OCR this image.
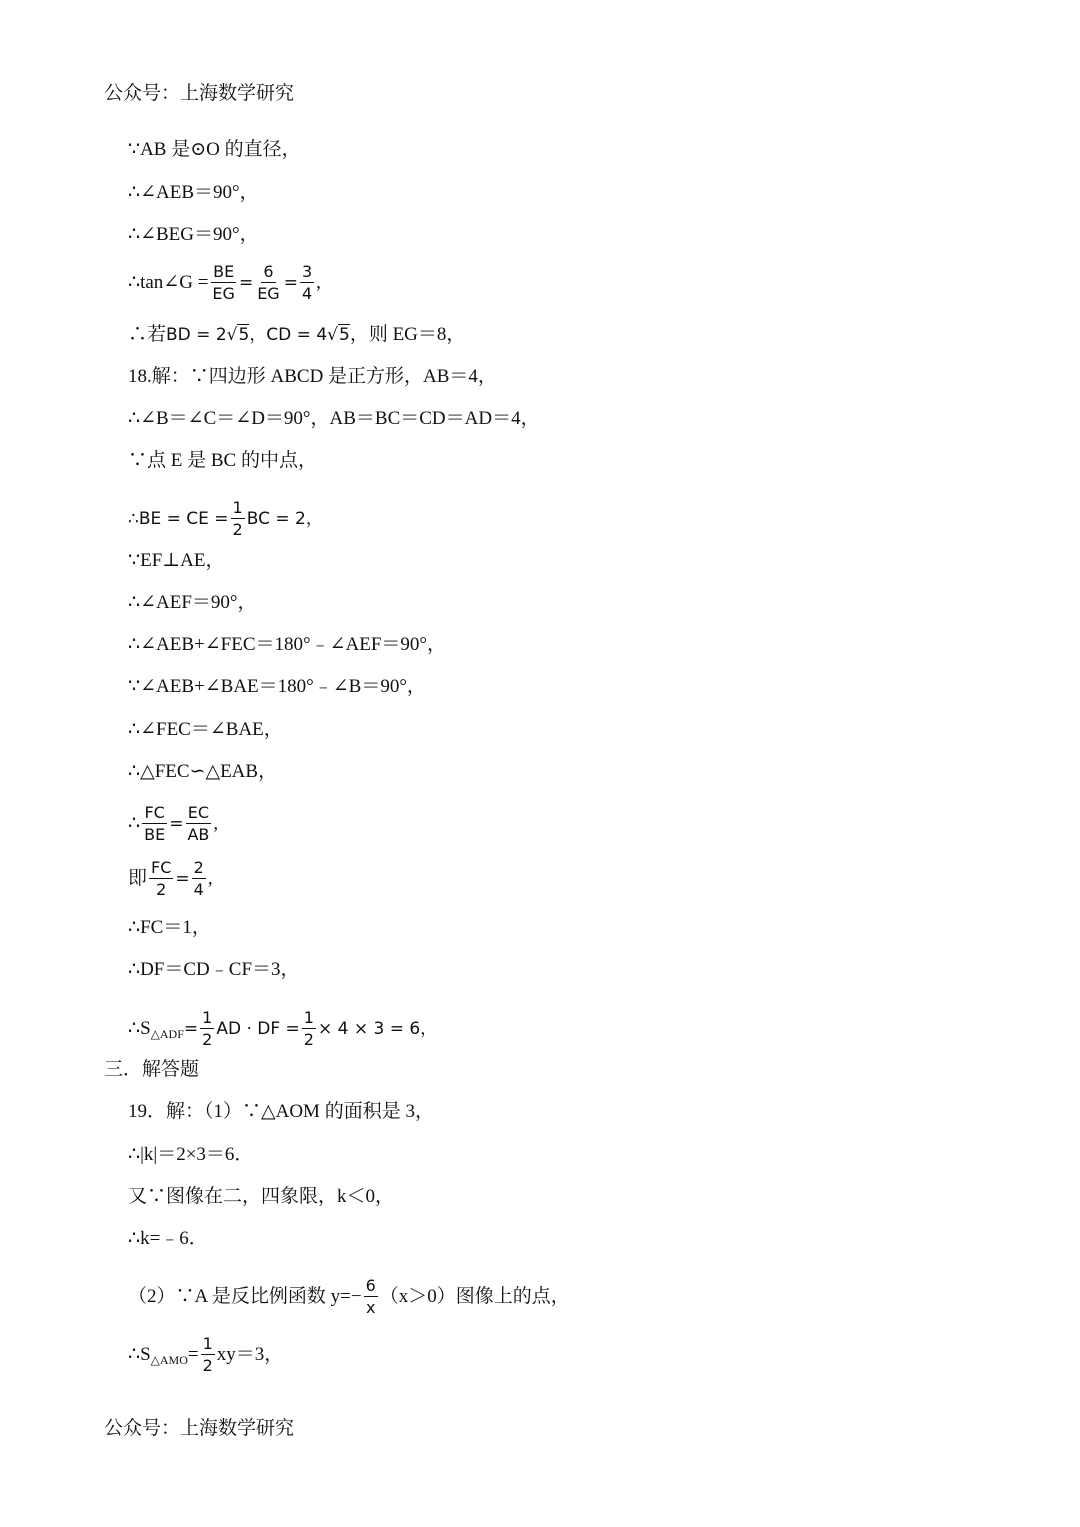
公众号：上海数学研究
∵AB 是⊙O 的直径，
∴∠AEB＝90°，
∴∠BEG＝90°，
∴tan∠G = $\frac{BE}{EG} = \frac{6}{EG} = \frac{3}{4}$ ,
∴若 BD = 2 √5 ，CD = 4 √5 ，则 EG＝8，
18.解：∵四边形 ABCD 是正方形，AB＝4，
∴∠B＝∠C＝∠D＝90°，AB＝BC＝CD＝AD＝4，
∵点 E 是 BC 的中点，
∴BE = CE = $\frac{1}{2}$ BC = 2，
∵EF⊥AE，
∴∠AEF＝90°，
∴∠AEB+∠FEC＝180°﹣∠AEF＝90°，
∵∠AEB+∠BAE＝180°﹣∠B＝90°，
∴∠FEC＝∠BAE，
∴△FEC∽△EAB，
∴ $\frac{FC}{BE} = \frac{EC}{AB}$ ,
即 $\frac{FC}{2} = \frac{2}{4}$ ,
∴FC＝1，
∴DF＝CD﹣CF＝3，
∴S △ADF = $\frac{1}{2}$ AD · DF = $\frac{1}{2} \times 4 \times 3 = 6$，
三．解答题
19．解：（1）∵△AOM 的面积是 3，
∴|k|＝2×3＝6．
又∵图像在二，四象限，k＜0，
∴k=﹣6．
（2）∵A 是反比例函数 $y=- \frac{6}{x} (x>0)$图像上的点，
∴S △AMO = $\frac{1}{2} xy=3$，
公众号：上海数学研究
